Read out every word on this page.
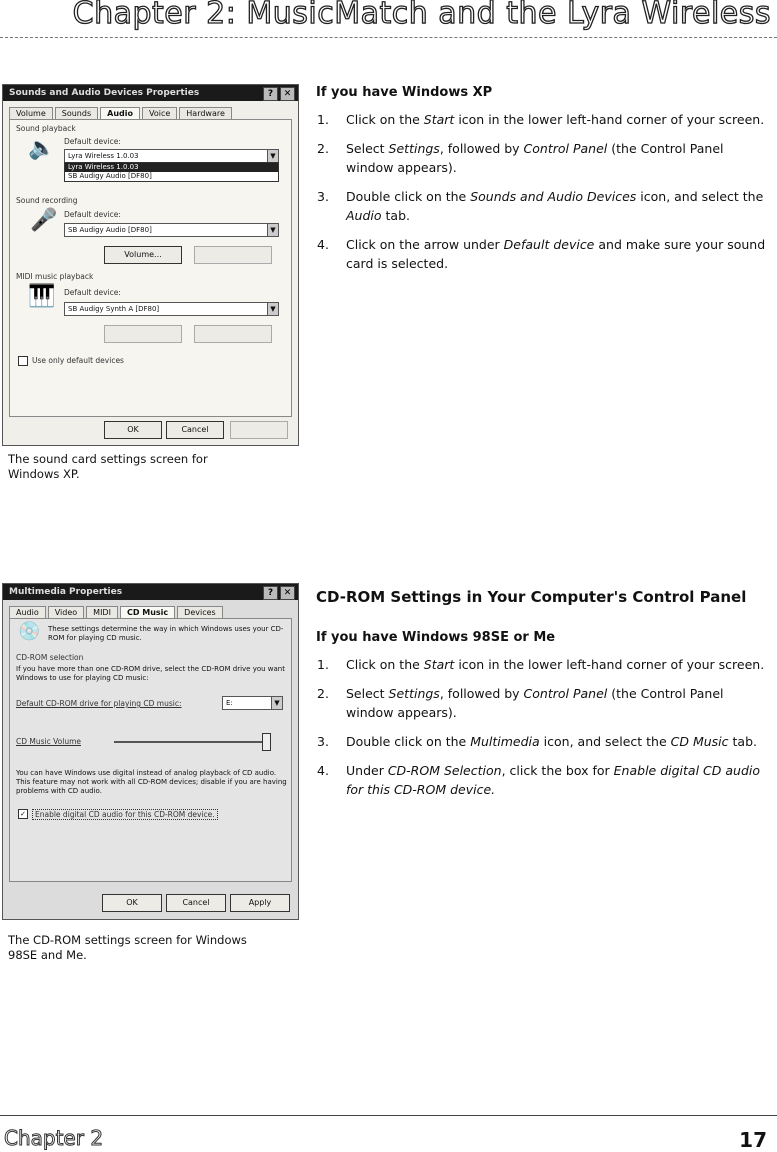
Chapter 2: MusicMatch and the Lyra Wireless
Sounds and Audio Devices Properties	?	✕
Volume	Sounds	Audio	Voice	Hardware
Sound playback
🔈 Default device:
Lyra Wireless 1.0.03	▼
Lyra Wireless 1.0.03
SB Audigy Audio [DF80]
Sound recording
🎤 Default device:
SB Audigy Audio [DF80]	▼
Volume...
MIDI music playback
🎹 Default device:
SB Audigy Synth A [DF80]	▼
Use only default devices
OK	Cancel
The sound card settings screen for
Windows XP.
If you have Windows XP
1. Click on the Start icon in the lower left-hand corner of your screen.
2. Select Settings, followed by Control Panel (the Control Panel window appears).
3. Double click on the Sounds and Audio Devices icon, and select the Audio tab.
4. Click on the arrow under Default device and make sure your sound card is selected.
Multimedia Properties	?	✕
Audio	Video	MIDI	CD Music	Devices
💿 These settings determine the way in which Windows uses your CD-ROM for playing CD music.
CD-ROM selection
If you have more than one CD-ROM drive, select the CD-ROM drive you want Windows to use for playing CD music:
Default CD-ROM drive for playing CD music:	E:	▼
CD Music Volume
You can have Windows use digital instead of analog playback of CD audio. This feature may not work with all CD-ROM devices; disable if you are having problems with CD audio.
✓	Enable digital CD audio for this CD-ROM device.
OK	Cancel	Apply
The CD-ROM settings screen for Windows
98SE and Me.
CD-ROM Settings in Your Computer's Control Panel
If you have Windows 98SE or Me
1. Click on the Start icon in the lower left-hand corner of your screen.
2. Select Settings, followed by Control Panel (the Control Panel window appears).
3. Double click on the Multimedia icon, and select the CD Music tab.
4. Under CD-ROM Selection, click the box for Enable digital CD audio for this CD-ROM device.
Chapter 2	17
